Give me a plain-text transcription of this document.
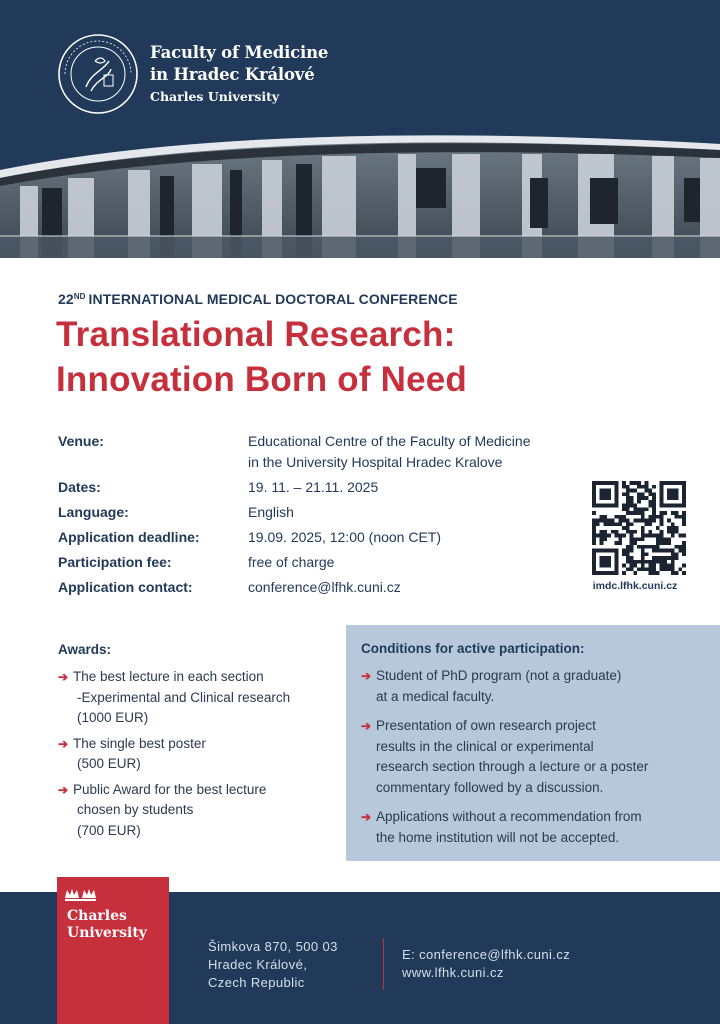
Faculty of Medicine
in Hradec Králové
Charles University
22ND INTERNATIONAL MEDICAL DOCTORAL CONFERENCE
Translational Research:
Innovation Born of Need
Venue:	Educational Centre of the Faculty of Medicine
in the University Hospital Hradec Kralove
Dates:	19. 11. – 21.11. 2025
Language:	English
Application deadline:	19.09. 2025, 12:00 (noon CET)
Participation fee:	free of charge
Application contact:	conference@lfhk.cuni.cz	imdc.lfhk.cuni.cz
Awards:
➔ The best lecture in each section
-Experimental and Clinical research
(1000 EUR)
➔ The single best poster
(500 EUR)
➔ Public Award for the best lecture
chosen by students
(700 EUR)
Conditions for active participation:
➔ Student of PhD program (not a graduate)
at a medical faculty.
➔ Presentation of own research project
results in the clinical or experimental
research section through a lecture or a poster
commentary followed by a discussion.
➔ Applications without a recommendation from
the home institution will not be accepted.
Charles
University
Šimkova 870, 500 03
Hradec Králové,
Czech Republic
E: conference@lfhk.cuni.cz
www.lfhk.cuni.cz
